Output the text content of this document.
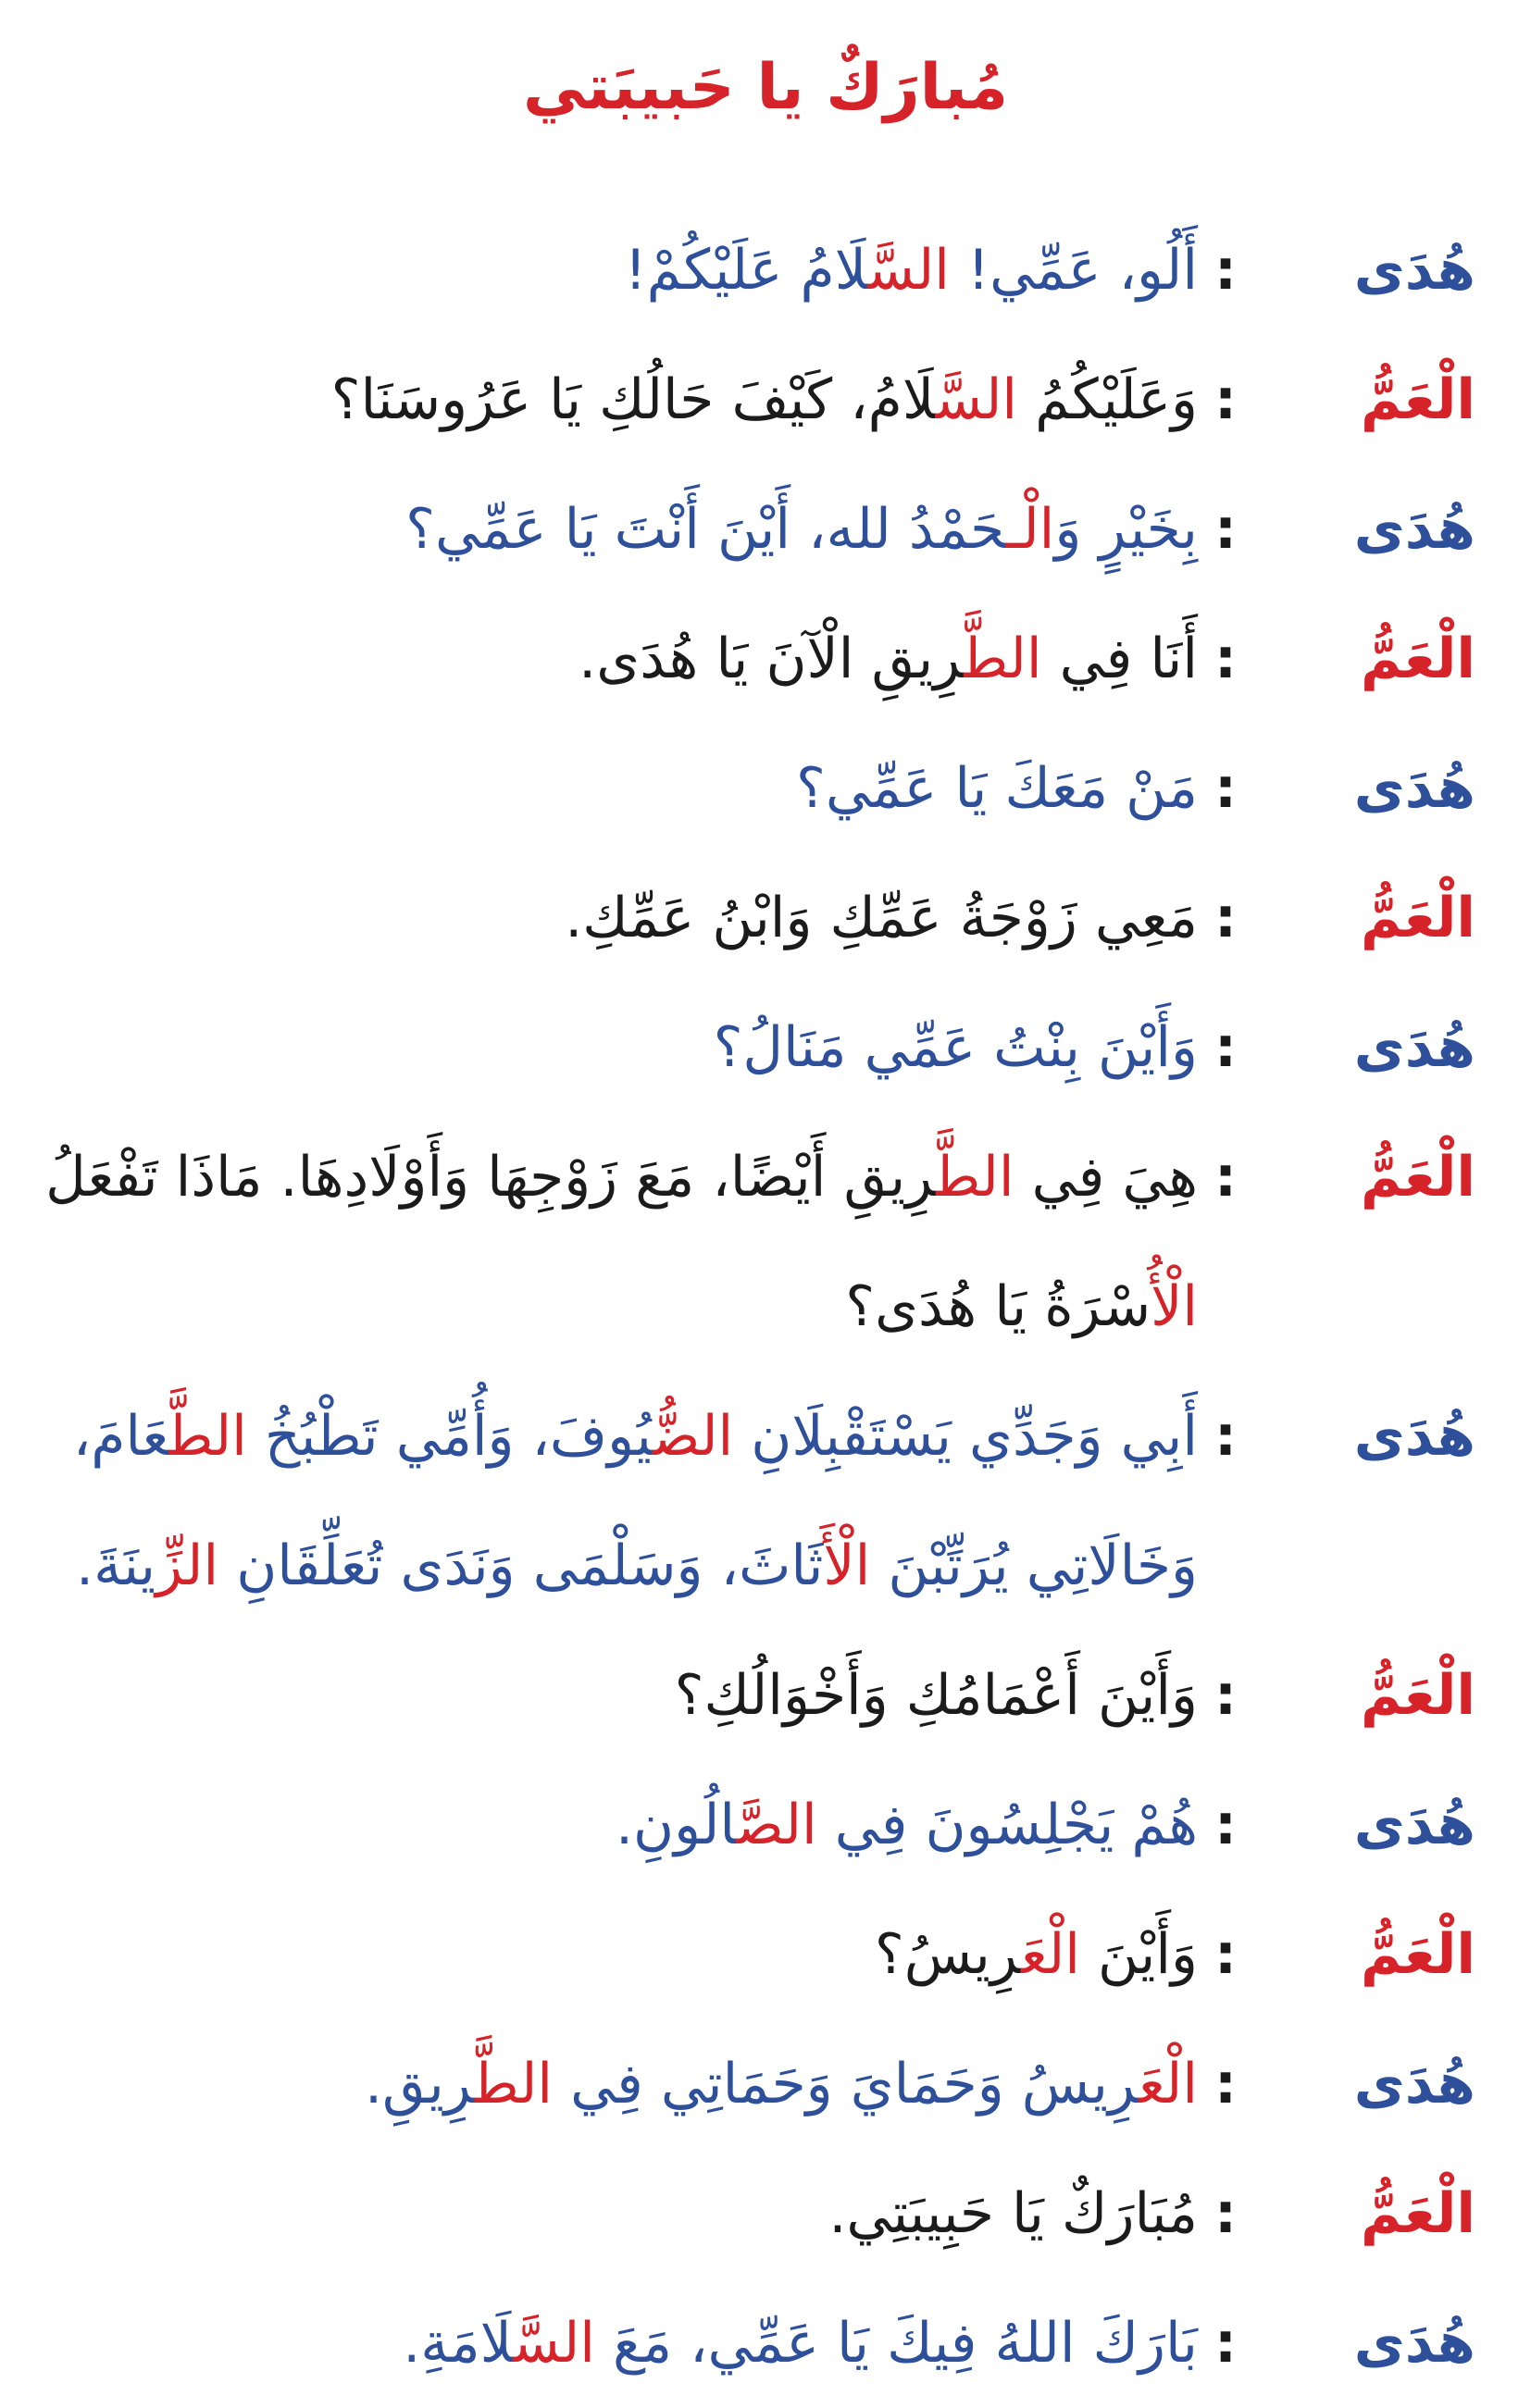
مُبارَكٌ يا حَبيبَتي
هُدَى
:
أَلُو، عَمِّي! السَّلَامُ عَلَيْكُمْ!
الْعَمُّ
:
وَعَلَيْكُمُ السَّلَامُ، كَيْفَ حَالُكِ يَا عَرُوسَنَا؟
هُدَى
:
بِخَيْرٍ وَالْـحَمْدُ لله، أَيْنَ أَنْتَ يَا عَمِّي؟
الْعَمُّ
:
أَنَا فِي الطَّرِيقِ الْآنَ يَا هُدَى.
هُدَى
:
مَنْ مَعَكَ يَا عَمِّي؟
الْعَمُّ
:
مَعِي زَوْجَةُ عَمِّكِ وَابْنُ عَمِّكِ.
هُدَى
:
وَأَيْنَ بِنْتُ عَمِّي مَنَالُ؟
الْعَمُّ
:
هِيَ فِي الطَّرِيقِ أَيْضًا، مَعَ زَوْجِهَا وَأَوْلَادِهَا. مَاذَا تَفْعَلُ
الْأُسْرَةُ يَا هُدَى؟
هُدَى
:
أَبِي وَجَدِّي يَسْتَقْبِلَانِ الضُّيُوفَ، وَأُمِّي تَطْبُخُ الطَّعَامَ،
وَخَالَاتِي يُرَتِّبْنَ الْأَثَاثَ، وَسَلْمَى وَنَدَى تُعَلِّقَانِ الزِّينَةَ.
الْعَمُّ
:
وَأَيْنَ أَعْمَامُكِ وَأَخْوَالُكِ؟
هُدَى
:
هُمْ يَجْلِسُونَ فِي الصَّالُونِ.
الْعَمُّ
:
وَأَيْنَ الْعَرِيسُ؟
هُدَى
:
الْعَرِيسُ وَحَمَايَ وَحَمَاتِي فِي الطَّرِيقِ.
الْعَمُّ
:
مُبَارَكٌ يَا حَبِيبَتِي.
هُدَى
:
بَارَكَ اللهُ فِيكَ يَا عَمِّي، مَعَ السَّلَامَةِ.
